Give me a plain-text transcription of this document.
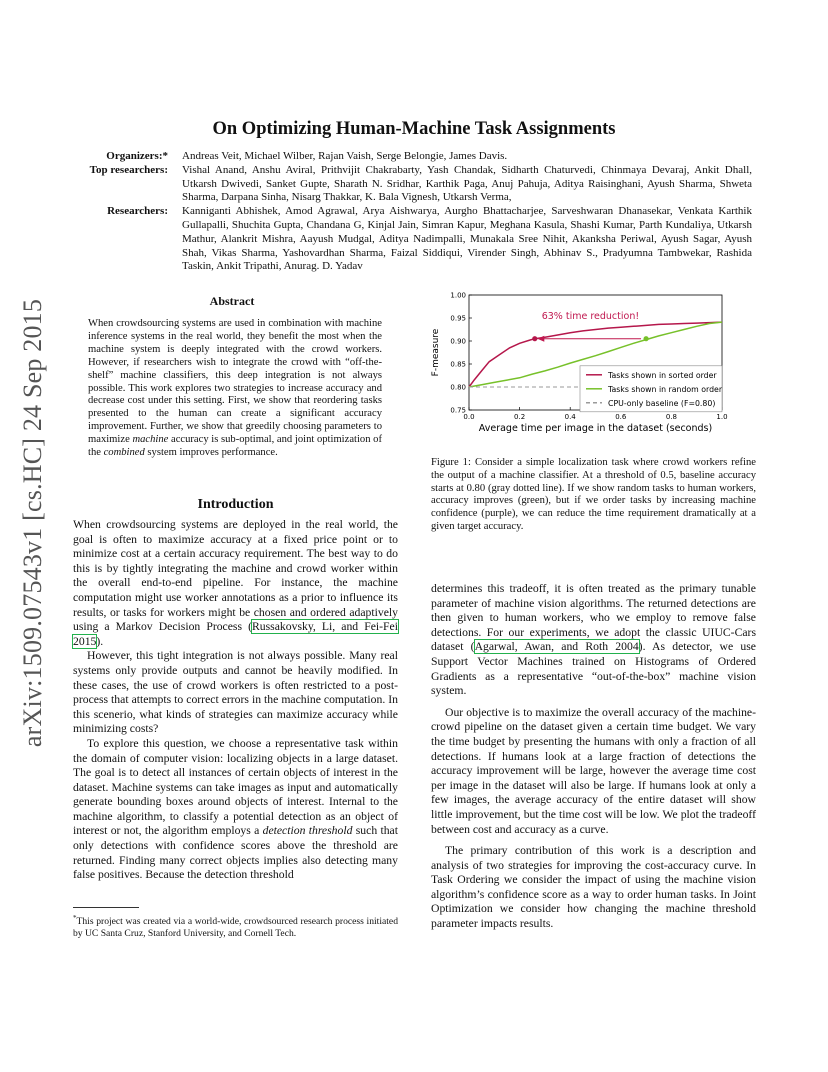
arXiv:1509.07543v1 [cs.HC] 24 Sep 2015
On Optimizing Human-Machine Task Assignments
Organizers:*	Andreas Veit, Michael Wilber, Rajan Vaish, Serge Belongie, James Davis.
Top researchers:	Vishal Anand, Anshu Aviral, Prithvijit Chakrabarty, Yash Chandak, Sidharth Chaturvedi, Chinmaya Devaraj, Ankit Dhall, Utkarsh Dwivedi, Sanket Gupte, Sharath N. Sridhar, Karthik Paga, Anuj Pahuja, Aditya Raisinghani, Ayush Sharma, Shweta Sharma, Darpana Sinha, Nisarg Thakkar, K. Bala Vignesh, Utkarsh Verma,
Researchers:	Kanniganti Abhishek, Amod Agrawal, Arya Aishwarya, Aurgho Bhattacharjee, Sarveshwaran Dhanasekar, Venkata Karthik Gullapalli, Shuchita Gupta, Chandana G, Kinjal Jain, Simran Kapur, Meghana Kasula, Shashi Kumar, Parth Kundaliya, Utkarsh Mathur, Alankrit Mishra, Aayush Mudgal, Aditya Nadimpalli, Munakala Sree Nihit, Akanksha Periwal, Ayush Sagar, Ayush Shah, Vikas Sharma, Yashovardhan Sharma, Faizal Siddiqui, Virender Singh, Abhinav S., Pradyumna Tambwekar, Rashida Taskin, Ankit Tripathi, Anurag. D. Yadav
Abstract

When crowdsourcing systems are used in combination with machine inference systems in the real world, they benefit the most when the machine system is deeply integrated with the crowd workers. However, if researchers wish to integrate the crowd with “off-the-shelf” machine classifiers, this deep integration is not always possible. This work explores two strategies to increase accuracy and decrease cost under this setting. First, we show that reordering tasks presented to the human can create a significant accuracy improvement. Further, we show that greedily choosing parameters to maximize machine accuracy is sub-optimal, and joint optimization of the combined system improves performance.

Introduction

When crowdsourcing systems are deployed in the real world, the goal is often to maximize accuracy at a fixed price point or to minimize cost at a certain accuracy requirement. The best way to do this is by tightly integrating the machine and crowd worker within the overall end-to-end pipeline. For instance, the machine computation might use worker annotations as a prior to influence its results, or tasks for workers might be chosen and ordered adaptively using a Markov Decision Process (Russakovsky, Li, and Fei-Fei 2015).

However, this tight integration is not always possible. Many real systems only provide outputs and cannot be heavily modified. In these cases, the use of crowd workers is often restricted to a post-process that attempts to correct errors in the machine computation. In this scenerio, what kinds of strategies can maximize accuracy while minimizing costs?

To explore this question, we choose a representative task within the domain of computer vision: localizing objects in a large dataset. The goal is to detect all instances of certain objects of interest in the dataset. Machine systems can take images as input and automatically generate bounding boxes around objects of interest. Internal to the machine algorithm, to classify a potential detection as an object of interest or not, the algorithm employs a detection threshold such that only detections with confidence scores above the threshold are returned. Finding many correct objects implies also detecting many false positives. Because the detection threshold

*This project was created via a world-wide, crowdsourced research process initiated by UC Santa Cruz, Stanford University, and Cornell Tech.
0.0	0.2	0.4	0.6	0.8	1.0
0.75
0.80
0.85
0.90
0.95
1.00
Average time per image in the dataset (seconds)
F-measure
63% time reduction!
Tasks shown in sorted order
Tasks shown in random order
CPU-only baseline (F=0.80)

Figure 1: Consider a simple localization task where crowd workers refine the output of a machine classifier. At a threshold of 0.5, baseline accuracy starts at 0.80 (gray dotted line). If we show random tasks to human workers, accuracy improves (green), but if we order tasks by increasing machine confidence (purple), we can reduce the time requirement dramatically at a given target accuracy.

determines this tradeoff, it is often treated as the primary tunable parameter of machine vision algorithms. The returned detections are then given to human workers, who we employ to remove false detections. For our experiments, we adopt the classic UIUC-Cars dataset (Agarwal, Awan, and Roth 2004). As detector, we use Support Vector Machines trained on Histograms of Ordered Gradients as a representative “out-of-the-box” machine vision system.

Our objective is to maximize the overall accuracy of the machine-crowd pipeline on the dataset given a certain time budget. We vary the time budget by presenting the humans with only a fraction of all detections. If humans look at a large fraction of detections the accuracy improvement will be large, however the average time cost per image in the dataset will also be large. If humans look at only a few images, the average accuracy of the entire dataset will show little improvement, but the time cost will be low. We plot the tradeoff between cost and accuracy as a curve.

The primary contribution of this work is a description and analysis of two strategies for improving the cost-accuracy curve. In Task Ordering we consider the impact of using the machine vision algorithm’s confidence score as a way to order human tasks. In Joint Optimization we consider how changing the machine threshold parameter impacts results.
